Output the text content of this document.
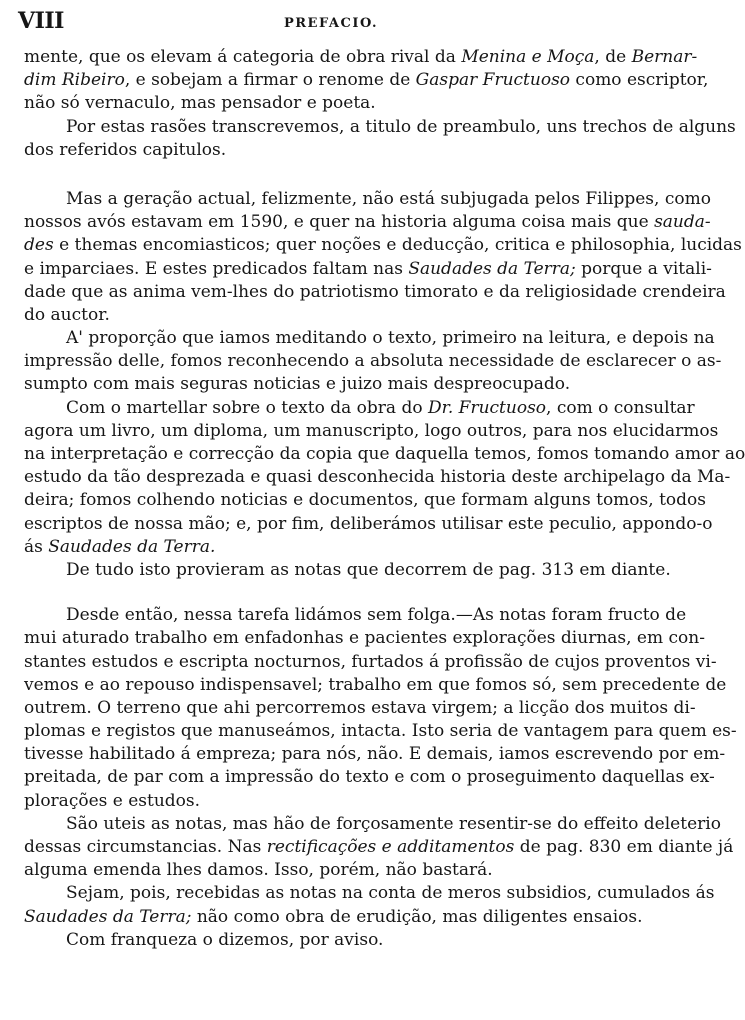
VIII	PREFACIO.
mente, que os elevam á categoria de obra rival da Menina e Moça, de Bernar-
dim Ribeiro, e sobejam a firmar o renome de Gaspar Fructuoso como escriptor,
não só vernaculo, mas pensador e poeta.
Por estas rasões transcrevemos, a titulo de preambulo, uns trechos de alguns
dos referidos capitulos.
Mas a geração actual, felizmente, não está subjugada pelos Filippes, como
nossos avós estavam em 1590, e quer na historia alguma coisa mais que sauda-
des e themas encomiasticos; quer noções e deducção, critica e philosophia, lucidas
e imparciaes. E estes predicados faltam nas Saudades da Terra; porque a vitali-
dade que as anima vem-lhes do patriotismo timorato e da religiosidade crendeira
do auctor.
A' proporção que iamos meditando o texto, primeiro na leitura, e depois na
impressão delle, fomos reconhecendo a absoluta necessidade de esclarecer o as-
sumpto com mais seguras noticias e juizo mais despreocupado.
Com o martellar sobre o texto da obra do Dr. Fructuoso, com o consultar
agora um livro, um diploma, um manuscripto, logo outros, para nos elucidarmos
na interpretação e correcção da copia que daquella temos, fomos tomando amor ao
estudo da tão desprezada e quasi desconhecida historia deste archipelago da Ma-
deira; fomos colhendo noticias e documentos, que formam alguns tomos, todos
escriptos de nossa mão; e, por fim, deliberámos utilisar este peculio, appondo-o
ás Saudades da Terra.
De tudo isto provieram as notas que decorrem de pag. 313 em diante.
Desde então, nessa tarefa lidámos sem folga.—As notas foram fructo de
mui aturado trabalho em enfadonhas e pacientes explorações diurnas, em con-
stantes estudos e escripta nocturnos, furtados á profissão de cujos proventos vi-
vemos e ao repouso indispensavel; trabalho em que fomos só, sem precedente de
outrem. O terreno que ahi percorremos estava virgem; a licção dos muitos di-
plomas e registos que manuseámos, intacta. Isto seria de vantagem para quem es-
tivesse habilitado á empreza; para nós, não. E demais, iamos escrevendo por em-
preitada, de par com a impressão do texto e com o proseguimento daquellas ex-
plorações e estudos.
São uteis as notas, mas hão de forçosamente resentir-se do effeito deleterio
dessas circumstancias. Nas rectificações e additamentos de pag. 830 em diante já
alguma emenda lhes damos. Isso, porém, não bastará.
Sejam, pois, recebidas as notas na conta de meros subsidios, cumulados ás
Saudades da Terra; não como obra de erudição, mas diligentes ensaios.
Com franqueza o dizemos, por aviso.
